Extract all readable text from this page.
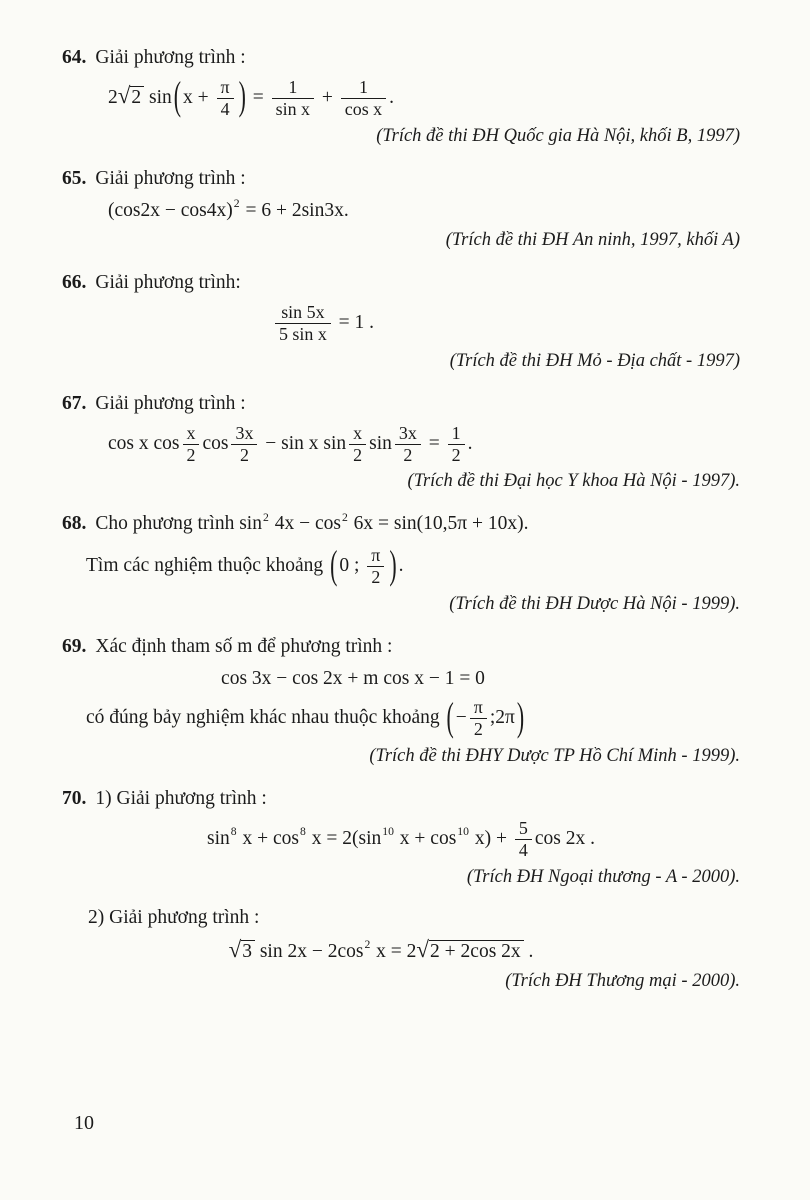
64. Giải phương trình :
2√2 sin( $x + \frac{\pi}{4}$ ) = $\frac{1}{\text{sin x}} + \frac{1}{\text{cos x}}$ .
(Trích đề thi ĐH Quốc gia Hà Nội, khối B, 1997)
65. Giải phương trình :
$(\cos 2x - \cos 4x)^2 = 6 + 2\sin 3x$.
(Trích đề thi ĐH An ninh, 1997, khối A)
66. Giải phương trình:
$\frac{\sin 5x}{\text{5 sin x}} = 1$ .
(Trích đề thi ĐH Mỏ - Địa chất - 1997)
67. Giải phương trình :
cos x $\cos \frac{x}{2}$ $\cos \frac{3x}{2} - \sin x$ $\sin \frac{x}{2}$ $\sin \frac{3x}{2} = \frac{1}{2}$ .
(Trích đề thi Đại học Y khoa Hà Nội - 1997).
68. Cho phương trình $\sin^2 4x - \cos^2 6x = \sin(10,5\pi + 10x)$.
Tìm các nghiệm thuộc khoảng ( 0 ; $\frac{\pi}{2}$ ) .
(Trích đề thi ĐH Dược Hà Nội - 1999).
69. Xác định tham số m để phương trình :
cos 3x − cos 2x + m cos x − 1 = 0
có đúng bảy nghiệm khác nhau thuộc khoảng ( − $\frac{\pi}{2}$ ;2π)
(Trích đề thi ĐHY Dược TP Hồ Chí Minh - 1999).
70. 1) Giải phương trình :
$\sin^8 x + \cos^8 x = 2(\sin^{10}$ $x + \cos^{10} x) + \frac{5}{4}$ cos 2x .
(Trích ĐH Ngoại thương - A - 2000).
2) Giải phương trình :
√3 $\sin 2x - 2\cos^2$ x = 2√2 + 2cos 2x .
(Trích ĐH Thương mại - 2000).
10
